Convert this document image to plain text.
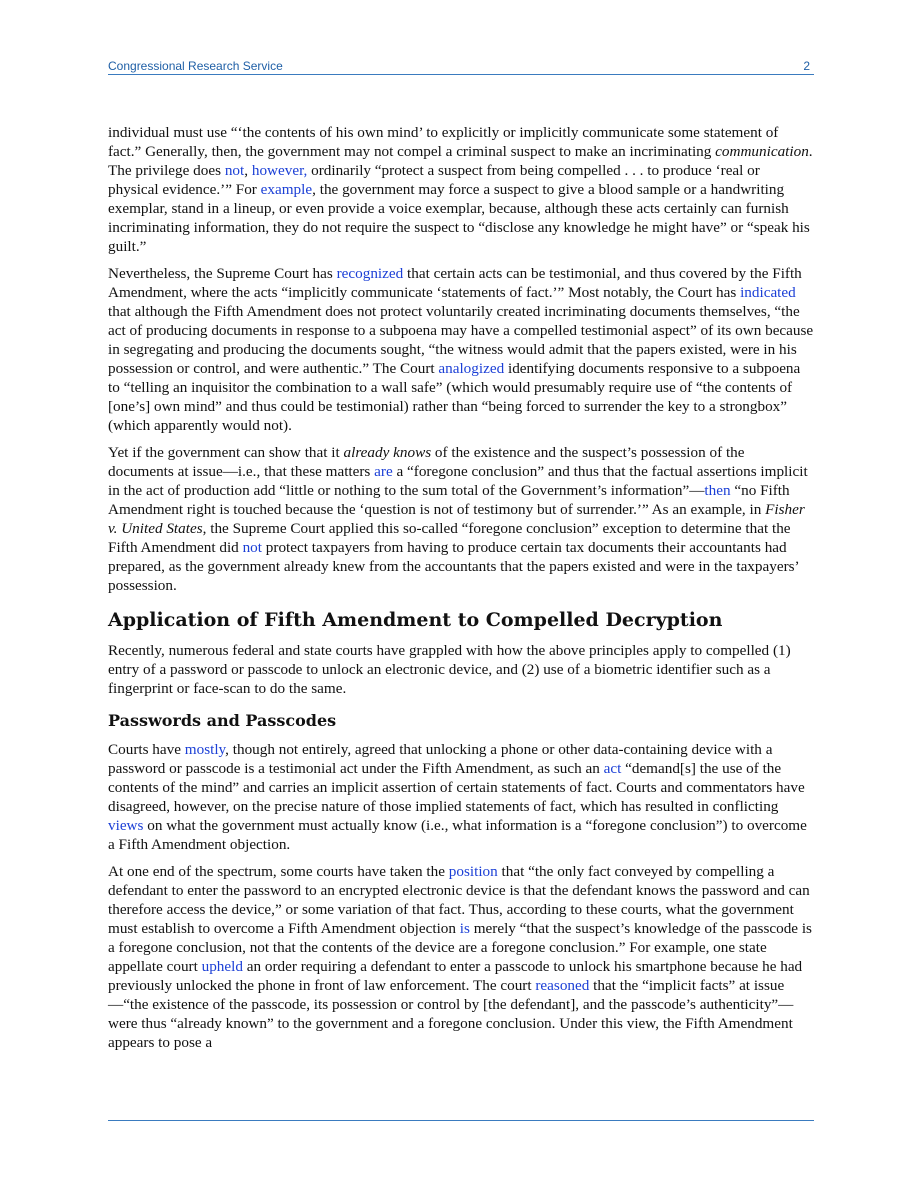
Congressional Research Service	2

individual must use “‘the contents of his own mind’ to explicitly or implicitly communicate some statement of fact.” Generally, then, the government may not compel a criminal suspect to make an incriminating communication. The privilege does not, however, ordinarily “protect a suspect from being compelled . . . to produce ‘real or physical evidence.’” For example, the government may force a suspect to give a blood sample or a handwriting exemplar, stand in a lineup, or even provide a voice exemplar, because, although these acts certainly can furnish incriminating information, they do not require the suspect to “disclose any knowledge he might have” or “speak his guilt.”

Nevertheless, the Supreme Court has recognized that certain acts can be testimonial, and thus covered by the Fifth Amendment, where the acts “implicitly communicate ‘statements of fact.’” Most notably, the Court has indicated that although the Fifth Amendment does not protect voluntarily created incriminating documents themselves, “the act of producing documents in response to a subpoena may have a compelled testimonial aspect” of its own because in segregating and producing the documents sought, “the witness would admit that the papers existed, were in his possession or control, and were authentic.” The Court analogized identifying documents responsive to a subpoena to “telling an inquisitor the combination to a wall safe” (which would presumably require use of “the contents of [one’s] own mind” and thus could be testimonial) rather than “being forced to surrender the key to a strongbox” (which apparently would not).

Yet if the government can show that it already knows of the existence and the suspect’s possession of the documents at issue—i.e., that these matters are a “foregone conclusion” and thus that the factual assertions implicit in the act of production add “little or nothing to the sum total of the Government’s information”—then “no Fifth Amendment right is touched because the ‘question is not of testimony but of surrender.’” As an example, in Fisher v. United States, the Supreme Court applied this so-called “foregone conclusion” exception to determine that the Fifth Amendment did not protect taxpayers from having to produce certain tax documents their accountants had prepared, as the government already knew from the accountants that the papers existed and were in the taxpayers’ possession.

Application of Fifth Amendment to Compelled Decryption

Recently, numerous federal and state courts have grappled with how the above principles apply to compelled (1) entry of a password or passcode to unlock an electronic device, and (2) use of a biometric identifier such as a fingerprint or face-scan to do the same.

Passwords and Passcodes

Courts have mostly, though not entirely, agreed that unlocking a phone or other data-containing device with a password or passcode is a testimonial act under the Fifth Amendment, as such an act “demand[s] the use of the contents of the mind” and carries an implicit assertion of certain statements of fact. Courts and commentators have disagreed, however, on the precise nature of those implied statements of fact, which has resulted in conflicting views on what the government must actually know (i.e., what information is a “foregone conclusion”) to overcome a Fifth Amendment objection.

At one end of the spectrum, some courts have taken the position that “the only fact conveyed by compelling a defendant to enter the password to an encrypted electronic device is that the defendant knows the password and can therefore access the device,” or some variation of that fact. Thus, according to these courts, what the government must establish to overcome a Fifth Amendment objection is merely “that the suspect’s knowledge of the passcode is a foregone conclusion, not that the contents of the device are a foregone conclusion.” For example, one state appellate court upheld an order requiring a defendant to enter a passcode to unlock his smartphone because he had previously unlocked the phone in front of law enforcement. The court reasoned that the “implicit facts” at issue—“the existence of the passcode, its possession or control by [the defendant], and the passcode’s authenticity”—were thus “already known” to the government and a foregone conclusion. Under this view, the Fifth Amendment appears to pose a
